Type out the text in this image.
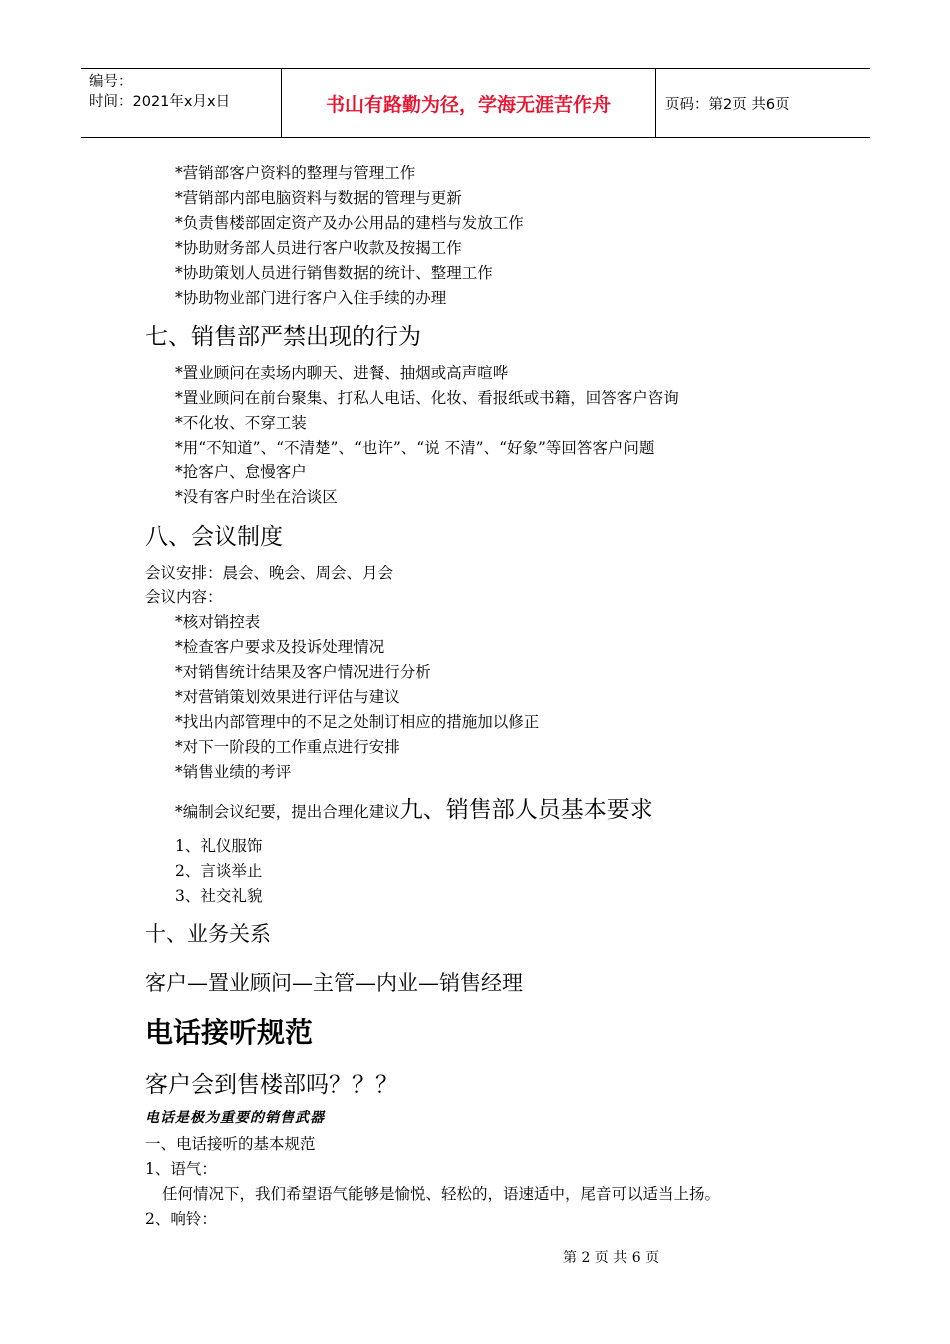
编号：
时间：2021年x月x日	书山有路勤为径，学海无涯苦作舟	页码：第2页 共6页
*营销部客户资料的整理与管理工作
*营销部内部电脑资料与数据的管理与更新
*负责售楼部固定资产及办公用品的建档与发放工作
*协助财务部人员进行客户收款及按揭工作
*协助策划人员进行销售数据的统计、整理工作
*协助物业部门进行客户入住手续的办理
七、销售部严禁出现的行为
*置业顾问在卖场内聊天、进餐、抽烟或高声喧哗
*置业顾问在前台聚集、打私人电话、化妆、看报纸或书籍，回答客户咨询
*不化妆、不穿工装
*用“不知道”、“不清楚”、“也许”、“说 不清”、“好象”等回答客户问题
*抢客户、怠慢客户
*没有客户时坐在洽谈区
八、会议制度
会议安排：晨会、晚会、周会、月会
会议内容：
*核对销控表
*检查客户要求及投诉处理情况
*对销售统计结果及客户情况进行分析
*对营销策划效果进行评估与建议
*找出内部管理中的不足之处制订相应的措施加以修正
*对下一阶段的工作重点进行安排
*销售业绩的考评
*编制会议纪要，提出合理化建议 九、销售部人员基本要求
1、礼仪服饰
2、言谈举止
3、社交礼貌
十、业务关系
客户—置业顾问—主管—内业—销售经理
电话接听规范
客户会到售楼部吗？？？
电话是极为重要的销售武器
一、电话接听的基本规范
1、语气：
任何情况下，我们希望语气能够是愉悦、轻松的，语速适中，尾音可以适当上扬。
2、响铃：
第 2 页 共 6 页
